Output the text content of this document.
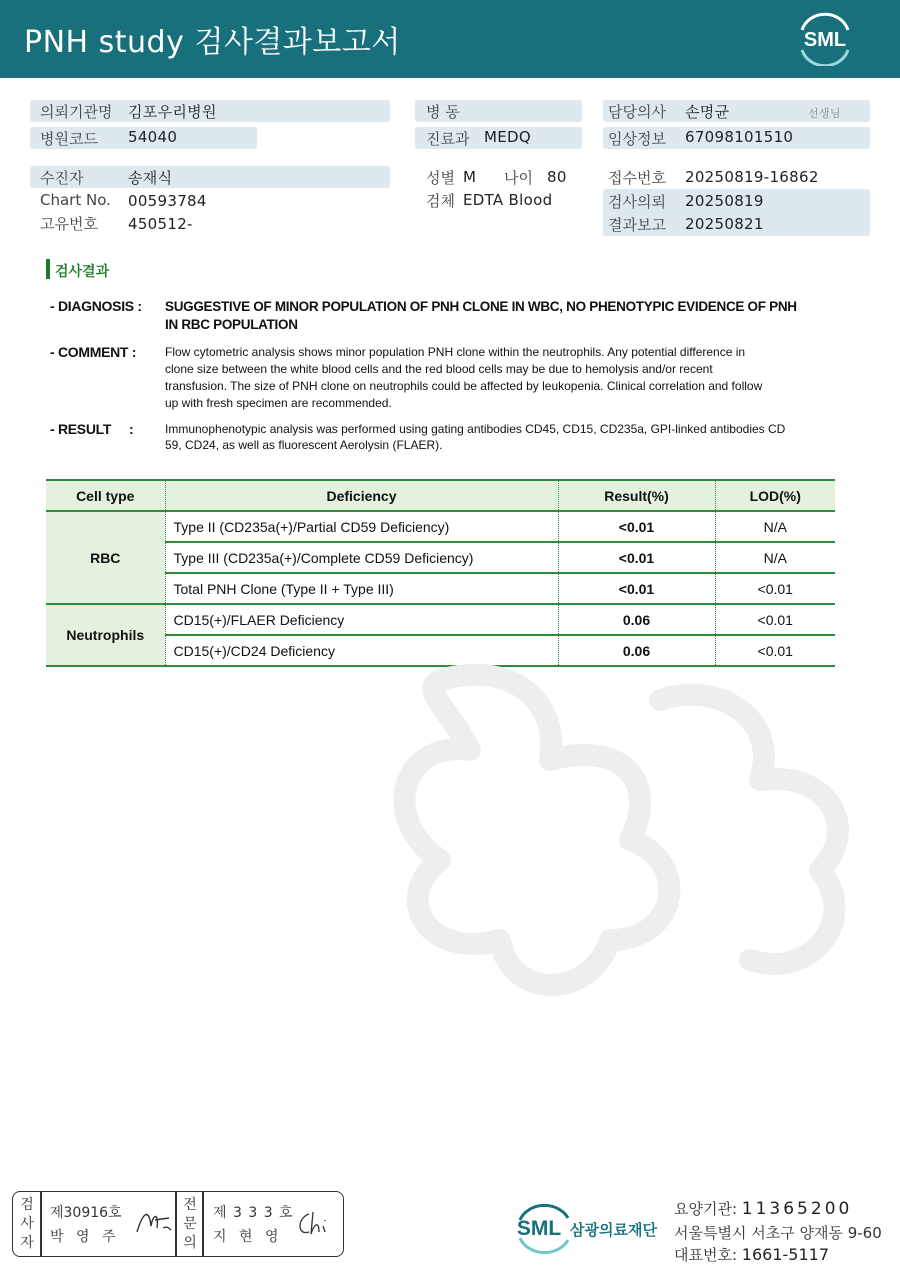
PNH study 검사결과보고서	SML
의뢰기관명 김포우리병원
병원코드 54040
수진자	송재식
Chart No. 00593784
고유번호 450512-
병 동
진료과 MEDQ
성별 M 나이 80
검체 EDTA Blood
담당의사 손명균	선생님
임상정보 67098101510
접수번호 20250819-16862
검사의뢰 20250819
결과보고 20250821
검사결과
- DIAGNOSIS : SUGGESTIVE OF MINOR POPULATION OF PNH CLONE IN WBC, NO PHENOTYPIC EVIDENCE OF PNH
IN RBC POPULATION
- COMMENT : Flow cytometric analysis shows minor population PNH clone within the neutrophils. Any potential difference in
clone size between the white blood cells and the red blood cells may be due to hemolysis and/or recent
transfusion. The size of PNH clone on neutrophils could be affected by leukopenia. Clinical correlation and follow
up with fresh specimen are recommended.
- RESULT     :	Immunophenotypic analysis was performed using gating antibodies CD45, CD15, CD235a, GPI-linked antibodies CD
59, CD24, as well as fluorescent Aerolysin (FLAER).
Cell type	Deficiency	Result(%)	LOD(%)
RBC	Type II (CD235a(+)/Partial CD59 Deficiency)	<0.01	N/A
	Type III (CD235a(+)/Complete CD59 Deficiency)	<0.01	N/A
	Total PNH Clone (Type II + Type III)	<0.01	<0.01
Neutrophils	CD15(+)/FLAER Deficiency	0.06	<0.01
	CD15(+)/CD24 Deficiency	0.06	<0.01
검
사
자
제30916호
박 영 주
전
문
의
제 3 3 3 호
지 현 영	SML 삼광의료재단
요양기관: 11365200
서울특별시 서초구 양재동 9-60
대표번호: 1661-5117
